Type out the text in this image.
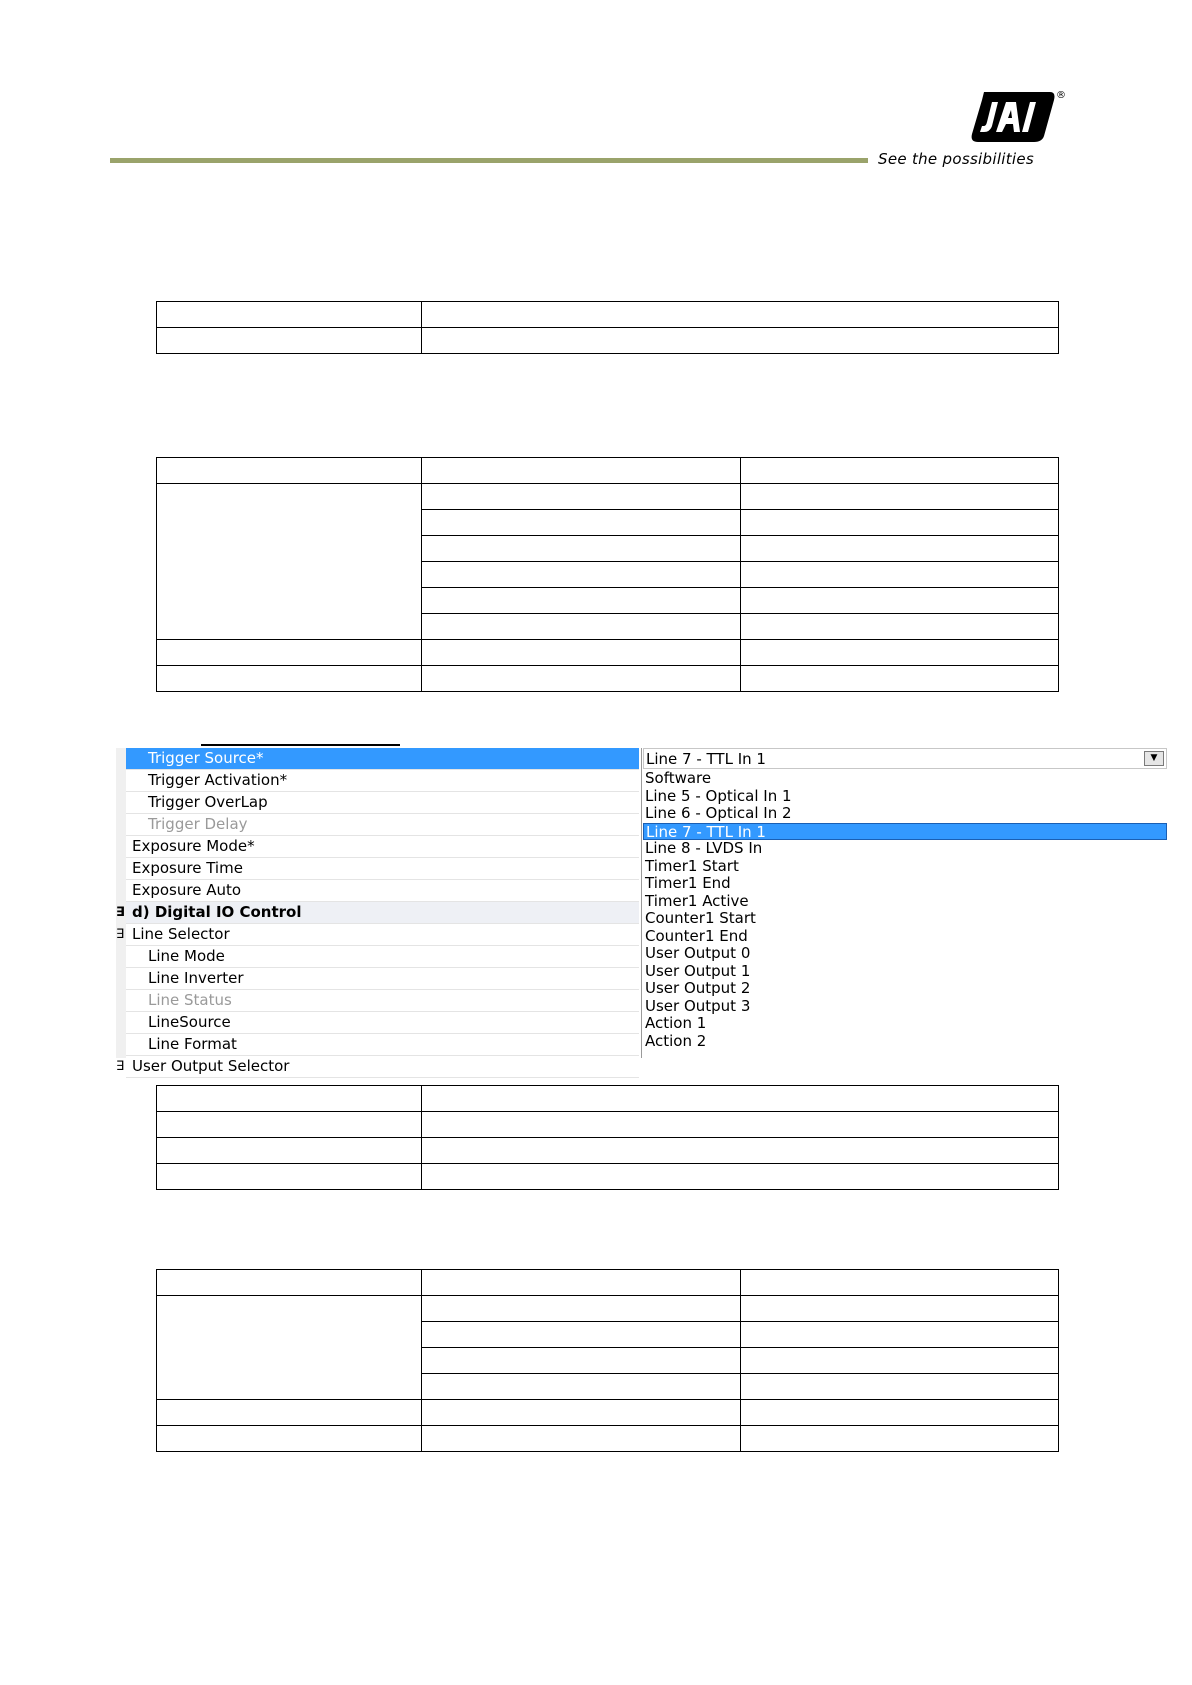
®
See the possibilities

Trigger Source*
Trigger Activation*
Trigger OverLap
Trigger Delay
Exposure Mode*
Exposure Time
Exposure Auto
∃ d) Digital IO Control
∃ Line Selector
Line Mode
Line Inverter
Line Status
LineSource
Line Format
∃ User Output Selector
Line 7 - TTL In 1	▼
Software
Line 5 - Optical In 1
Line 6 - Optical In 2
Line 7 - TTL In 1
Line 8 - LVDS In
Timer1 Start
Timer1 End
Timer1 Active
Counter1 Start
Counter1 End
User Output 0
User Output 1
User Output 2
User Output 3
Action 1
Action 2
